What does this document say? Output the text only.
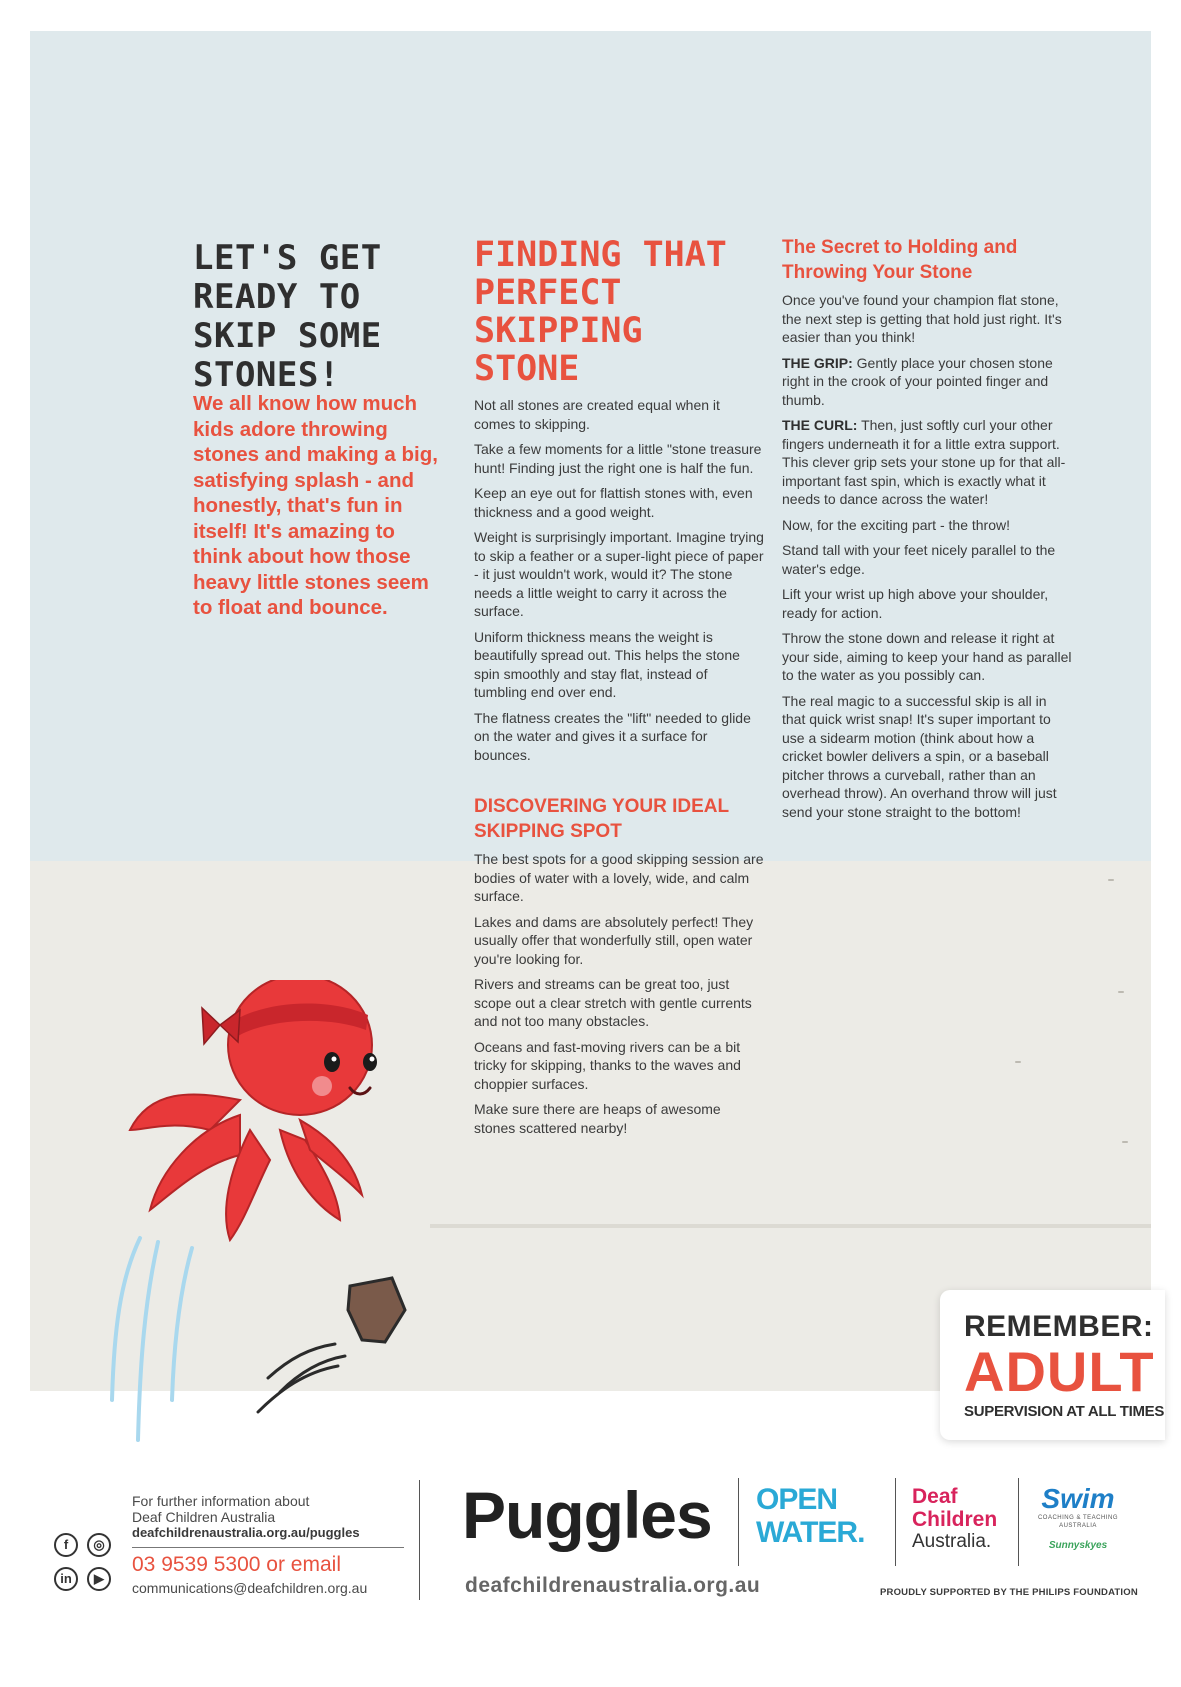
LET'S GET
READY TO
SKIP SOME
STONES!

We all know how much kids adore throwing stones and making a big, satisfying splash - and honestly, that's fun in itself! It's amazing to think about how those heavy little stones seem to float and bounce.

FINDING THAT
PERFECT
SKIPPING
STONE

Not all stones are created equal when it comes to skipping.

Take a few moments for a little "stone treasure hunt! Finding just the right one is half the fun.

Keep an eye out for flattish stones with, even thickness and a good weight.

Weight is surprisingly important. Imagine trying to skip a feather or a super-light piece of paper - it just wouldn't work, would it? The stone needs a little weight to carry it across the surface.

Uniform thickness means the weight is beautifully spread out. This helps the stone spin smoothly and stay flat, instead of tumbling end over end.

The flatness creates the "lift" needed to glide on the water and gives it a surface for bounces.

DISCOVERING YOUR IDEAL
SKIPPING SPOT

The best spots for a good skipping session are bodies of water with a lovely, wide, and calm surface.

Lakes and dams are absolutely perfect! They usually offer that wonderfully still, open water you're looking for.

Rivers and streams can be great too, just scope out a clear stretch with gentle currents and not too many obstacles.

Oceans and fast-moving rivers can be a bit tricky for skipping, thanks to the waves and choppier surfaces.

Make sure there are heaps of awesome stones scattered nearby!

The Secret to Holding and
Throwing Your Stone

Once you've found your champion flat stone, the next step is getting that hold just right. It's easier than you think!

THE GRIP: Gently place your chosen stone right in the crook of your pointed finger and thumb.

THE CURL: Then, just softly curl your other fingers underneath it for a little extra support. This clever grip sets your stone up for that all-important fast spin, which is exactly what it needs to dance across the water!

Now, for the exciting part - the throw!

Stand tall with your feet nicely parallel to the water's edge.

Lift your wrist up high above your shoulder, ready for action.

Throw the stone down and release it right at your side, aiming to keep your hand as parallel to the water as you possibly can.

The real magic to a successful skip is all in that quick wrist snap! It's super important to use a sidearm motion (think about how a cricket bowler delivers a spin, or a baseball pitcher throws a curveball, rather than an overhead throw). An overhand throw will just send your stone straight to the bottom!

REMEMBER:
ADULT
SUPERVISION AT ALL TIMES

For further information about

Deaf Children Australia

deafchildrenaustralia.org.au/puggles

03 9539 5300 or email
communications@deafchildren.org.au
f	◎
in	▶
Puggles
deafchildrenaustralia.org.au
OPEN
WATER.
Deaf
Children
Australia.
Swim
COACHING & TEACHING AUSTRALIA
Sunnyskyes
PROUDLY SUPPORTED BY THE PHILIPS FOUNDATION
